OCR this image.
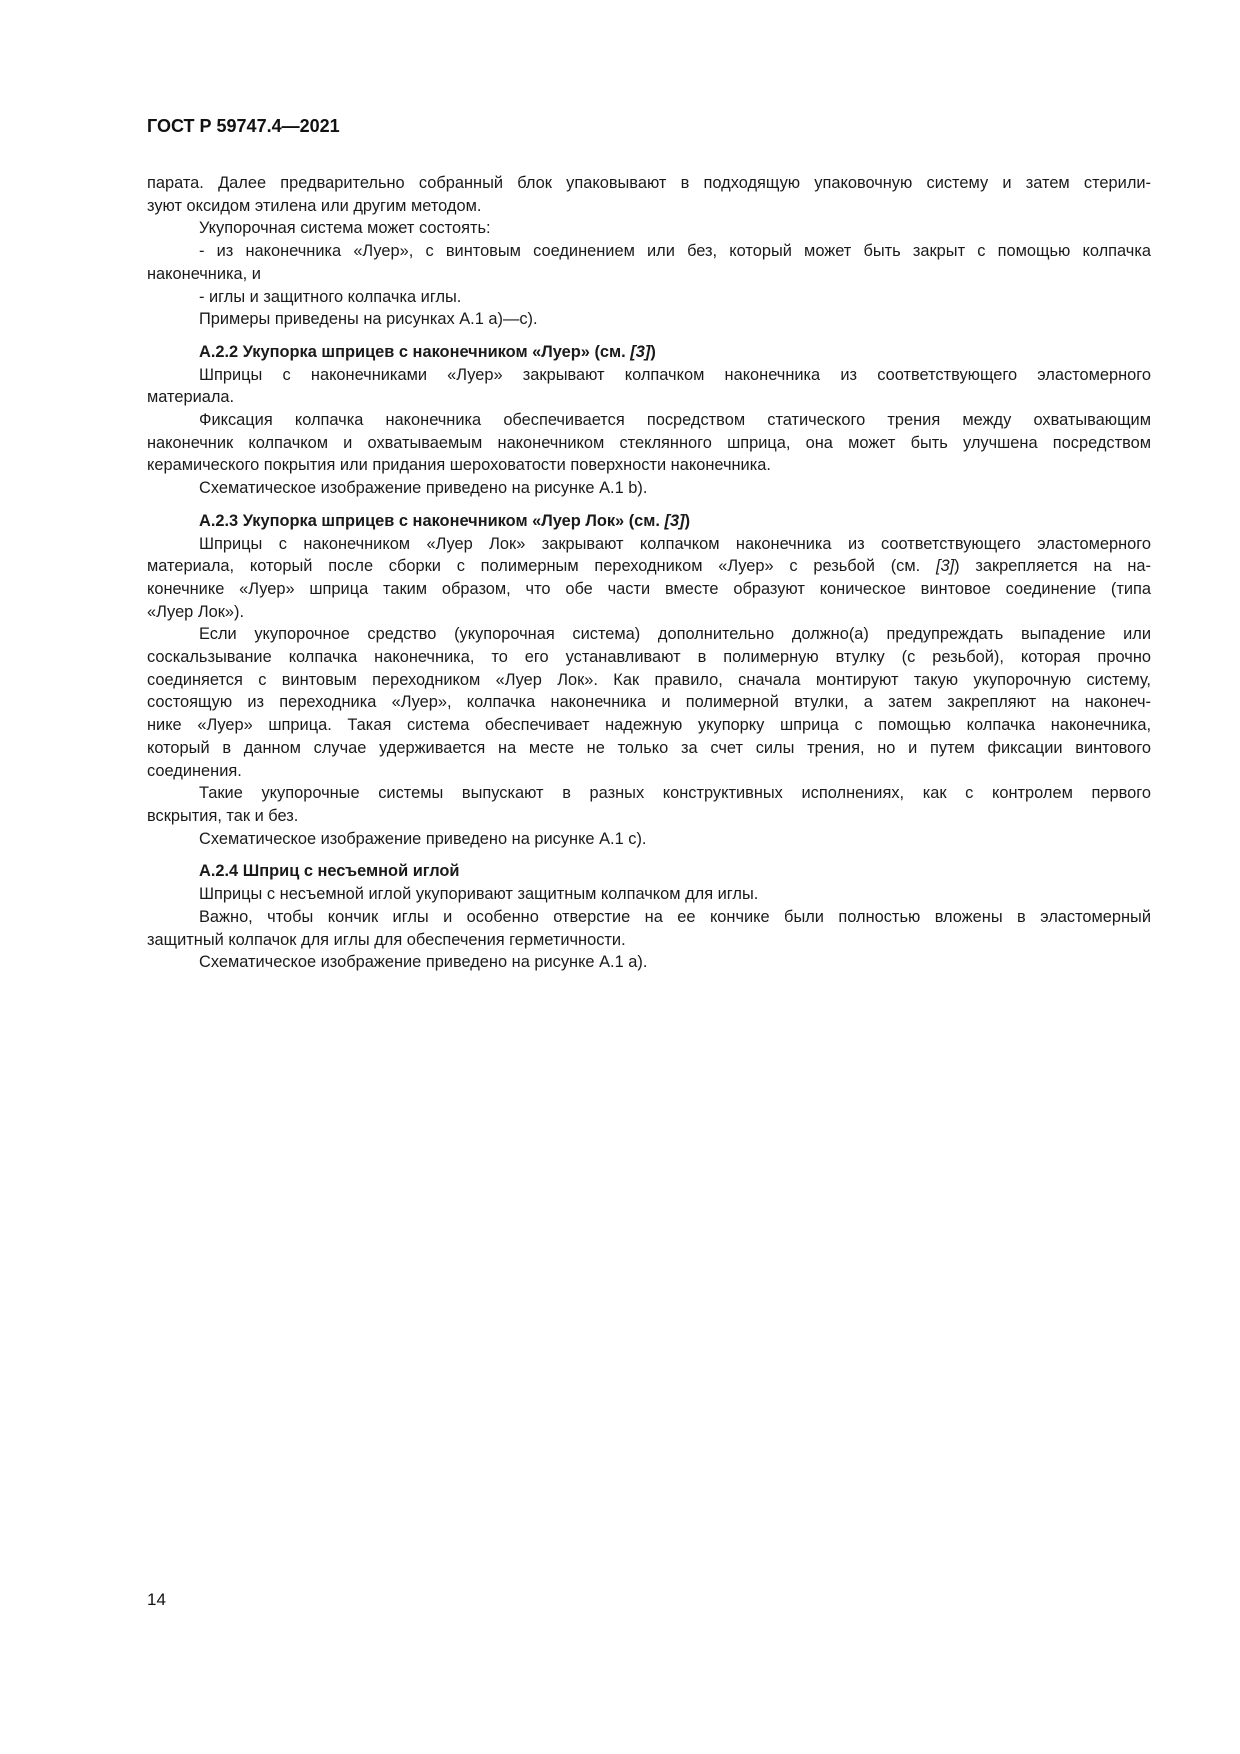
ГОСТ Р 59747.4—2021
парата. Далее предварительно собранный блок упаковывают в подходящую упаковочную систему и затем стерили-
зуют оксидом этилена или другим методом.
Укупорочная система может состоять:
- из наконечника «Луер», с винтовым соединением или без, который может быть закрыт с помощью колпачка
наконечника, и
- иглы и защитного колпачка иглы.
Примеры приведены на рисунках А.1 a)—c).
А.2.2 Укупорка шприцев с наконечником «Луер» (см. [3])
Шприцы с наконечниками «Луер» закрывают колпачком наконечника из соответствующего эластомерного
материала.
Фиксация колпачка наконечника обеспечивается посредством статического трения между охватывающим
наконечник колпачком и охватываемым наконечником стеклянного шприца, она может быть улучшена посредством
керамического покрытия или придания шероховатости поверхности наконечника.
Схематическое изображение приведено на рисунке А.1 b).
А.2.3 Укупорка шприцев с наконечником «Луер Лок» (см. [3])
Шприцы с наконечником «Луер Лок» закрывают колпачком наконечника из соответствующего эластомерного
материала, который после сборки с полимерным переходником «Луер» с резьбой (см. [3]) закрепляется на на-
конечнике «Луер» шприца таким образом, что обе части вместе образуют коническое винтовое соединение (типа
«Луер Лок»).
Если укупорочное средство (укупорочная система) дополнительно должно(а) предупреждать выпадение или
соскальзывание колпачка наконечника, то его устанавливают в полимерную втулку (с резьбой), которая прочно
соединяется с винтовым переходником «Луер Лок». Как правило, сначала монтируют такую укупорочную систему,
состоящую из переходника «Луер», колпачка наконечника и полимерной втулки, а затем закрепляют на наконеч-
нике «Луер» шприца. Такая система обеспечивает надежную укупорку шприца с помощью колпачка наконечника,
который в данном случае удерживается на месте не только за счет силы трения, но и путем фиксации винтового
соединения.
Такие укупорочные системы выпускают в разных конструктивных исполнениях, как с контролем первого
вскрытия, так и без.
Схематическое изображение приведено на рисунке А.1 c).
А.2.4 Шприц с несъемной иглой
Шприцы с несъемной иглой укупоривают защитным колпачком для иглы.
Важно, чтобы кончик иглы и особенно отверстие на ее кончике были полностью вложены в эластомерный
защитный колпачок для иглы для обеспечения герметичности.
Схематическое изображение приведено на рисунке А.1 a).
14
